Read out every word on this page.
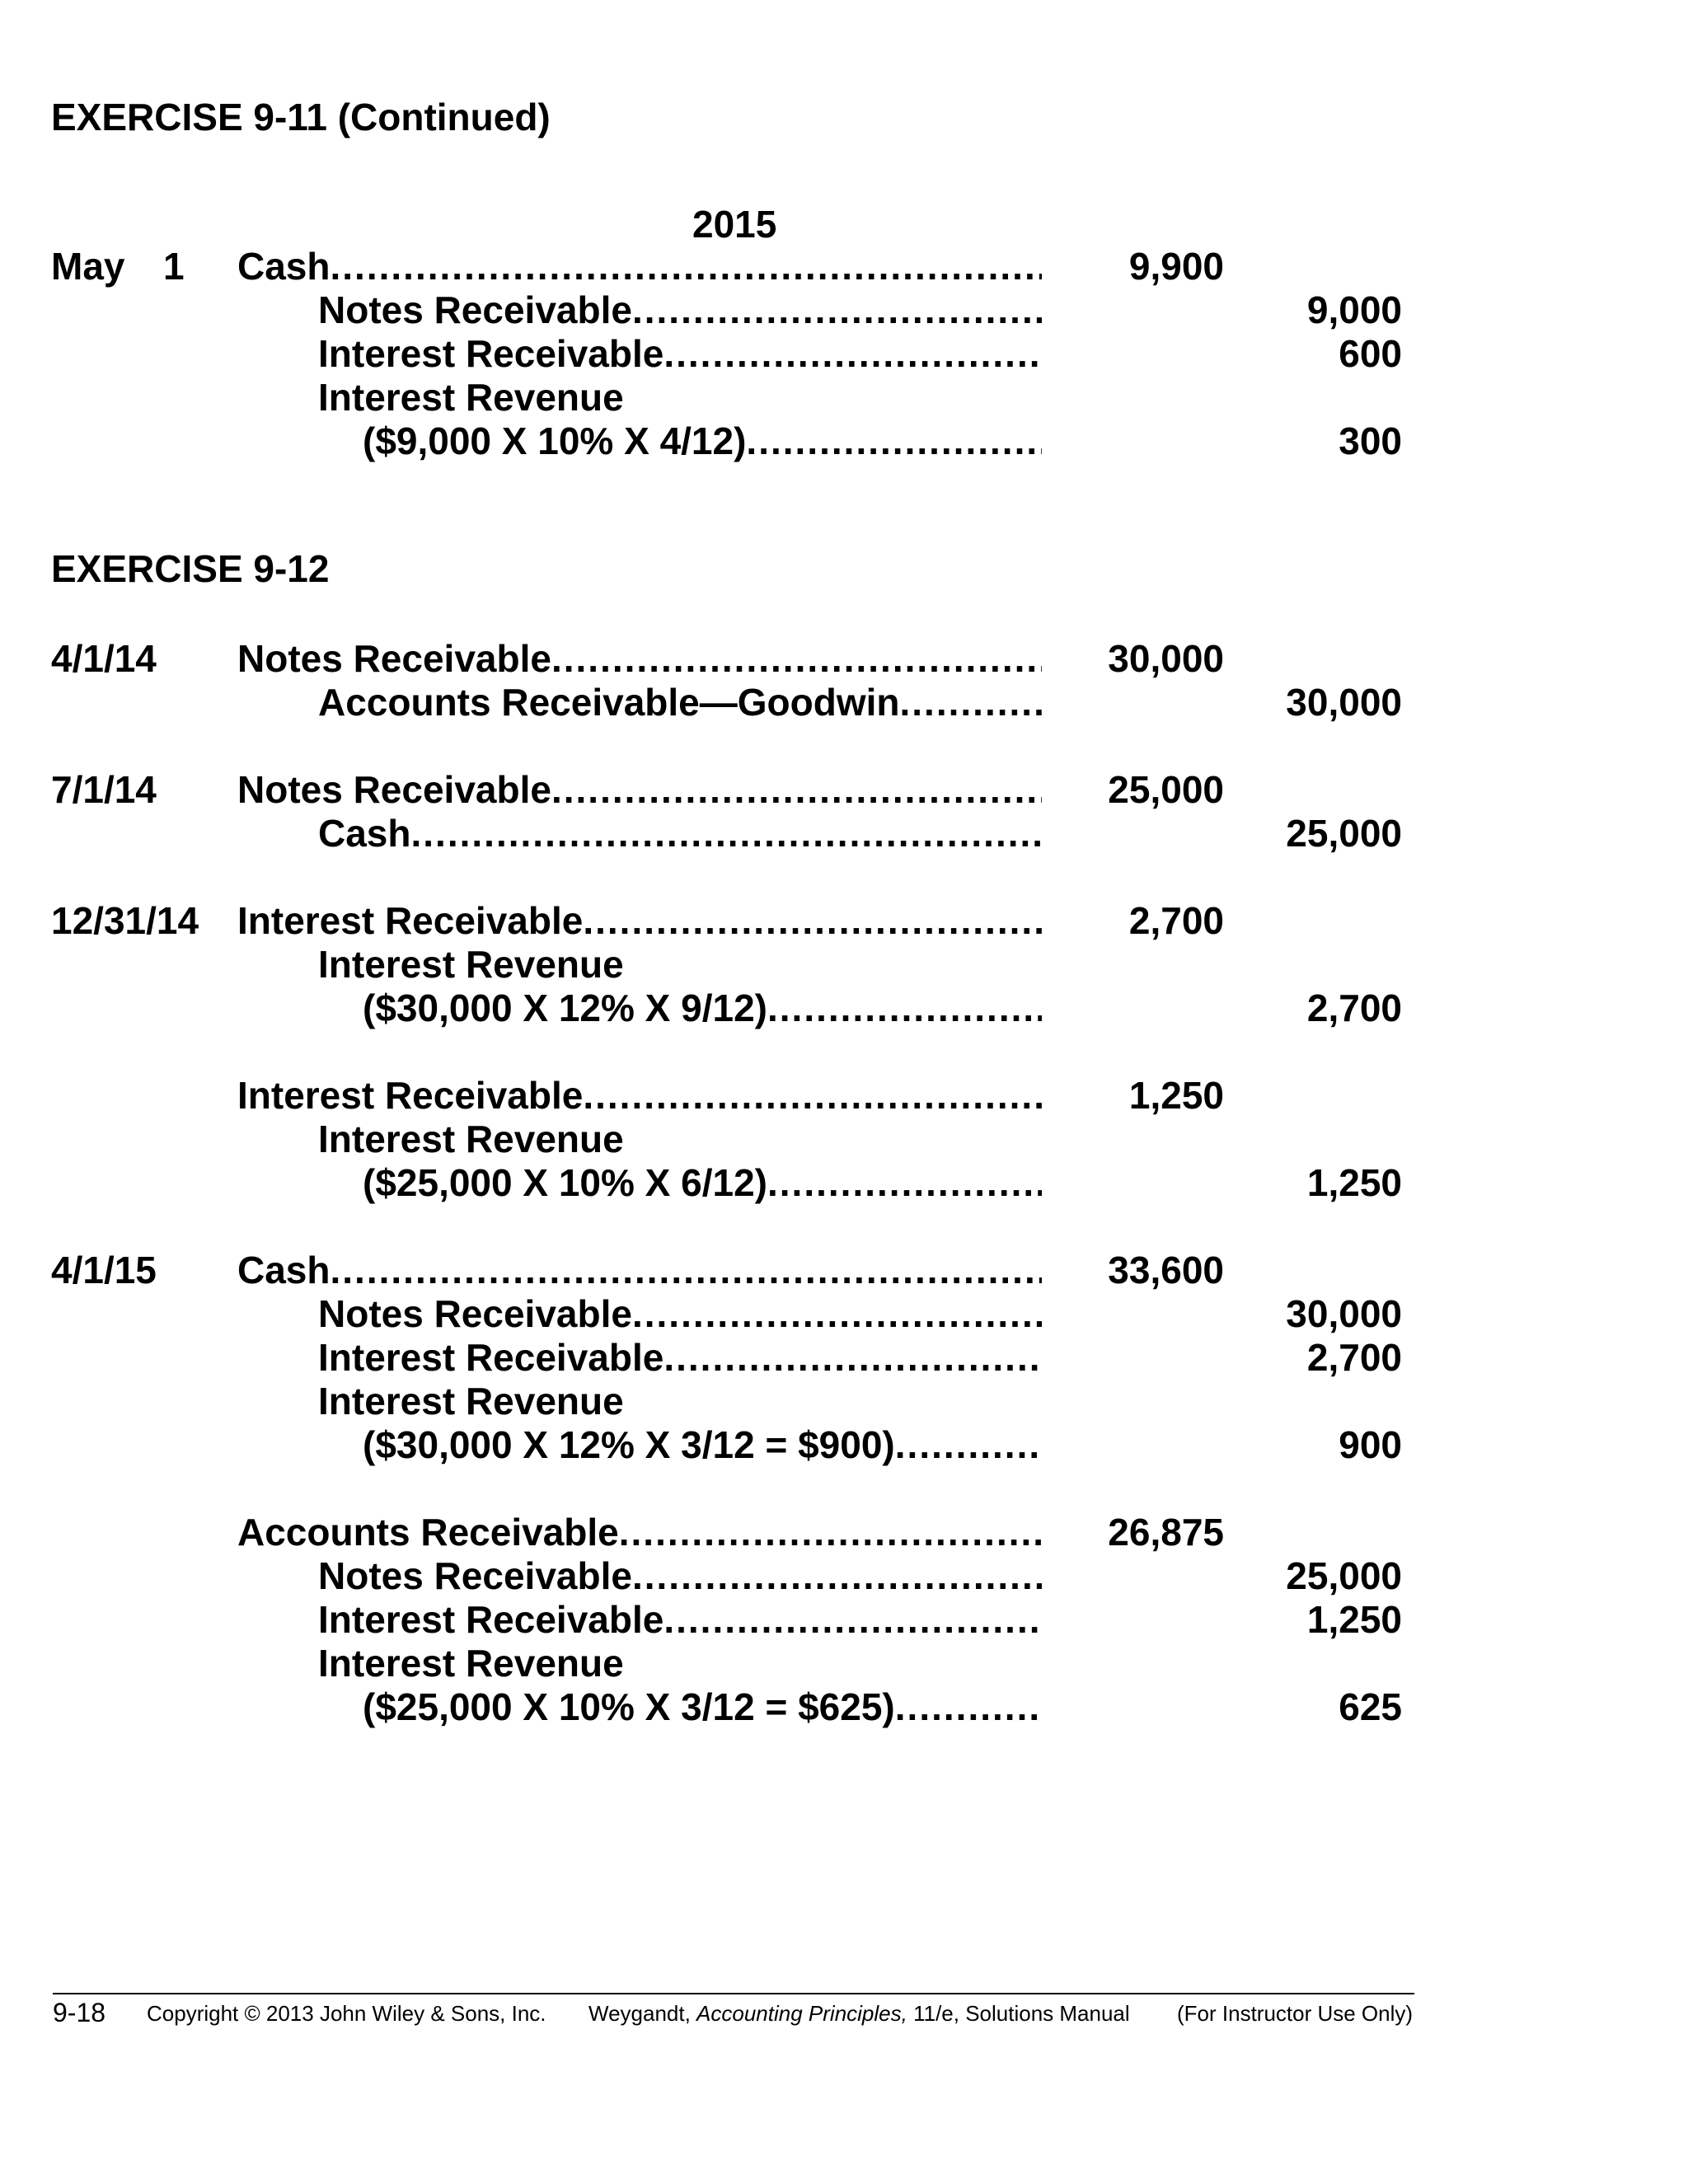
EXERCISE 9-11 (Continued)
2015
May 1 Cash .....	9,900
Notes Receivable .....	9,000
Interest Receivable .....	600
Interest Revenue
($9,000 X 10% X 4/12) .....	300
EXERCISE 9-12
4/1/14 Notes Receivable .....	30,000
Accounts Receivable—Goodwin .....	30,000
7/1/14 Notes Receivable .....	25,000
Cash .....	25,000
12/31/14 Interest Receivable .....	2,700
Interest Revenue
($30,000 X 12% X 9/12) .....	2,700
Interest Receivable .....	1,250
Interest Revenue
($25,000 X 10% X 6/12) .....	1,250
4/1/15 Cash .....	33,600
Notes Receivable .....	30,000
Interest Receivable .....	2,700
Interest Revenue
($30,000 X 12% X 3/12 = $900) .....	900
Accounts Receivable .....	26,875
Notes Receivable .....	25,000
Interest Receivable .....	1,250
Interest Revenue
($25,000 X 10% X 3/12 = $625) .....	625
9-18 Copyright © 2013 John Wiley & Sons, Inc. Weygandt, Accounting Principles, 11/e, Solutions Manual (For Instructor Use Only)
